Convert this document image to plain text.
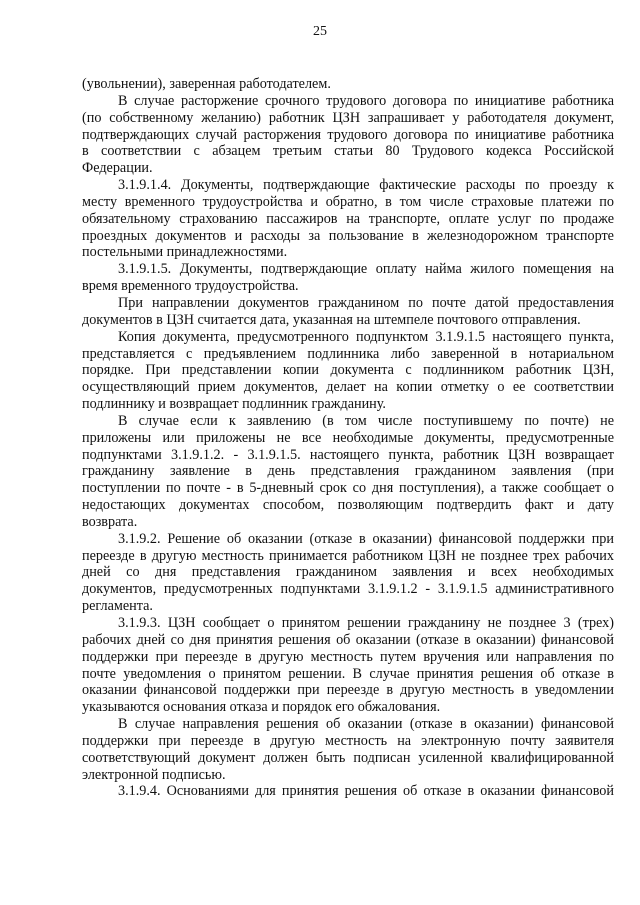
25
(увольнении), заверенная работодателем.
В случае расторжение срочного трудового договора по инициативе работника
(по собственному желанию) работник ЦЗН запрашивает у работодателя документ,
подтверждающих случай расторжения трудового договора по инициативе работника
в соответствии с абзацем третьим статьи 80 Трудового кодекса Российской
Федерации.
3.1.9.1.4. Документы, подтверждающие фактические расходы по проезду к
месту временного трудоустройства и обратно, в том числе страховые платежи по
обязательному страхованию пассажиров на транспорте, оплате услуг по продаже
проездных документов и расходы за пользование в железнодорожном транспорте
постельными принадлежностями.
3.1.9.1.5. Документы, подтверждающие оплату найма жилого помещения на
время временного трудоустройства.
При направлении документов гражданином по почте датой предоставления
документов в ЦЗН считается дата, указанная на штемпеле почтового отправления.
Копия документа, предусмотренного подпунктом 3.1.9.1.5 настоящего пункта,
представляется с предъявлением подлинника либо заверенной в нотариальном
порядке. При представлении копии документа с подлинником работник ЦЗН,
осуществляющий прием документов, делает на копии отметку о ее соответствии
подлиннику и возвращает подлинник гражданину.
В случае если к заявлению (в том числе поступившему по почте) не
приложены или приложены не все необходимые документы, предусмотренные
подпунктами 3.1.9.1.2. - 3.1.9.1.5. настоящего пункта, работник ЦЗН возвращает
гражданину заявление в день представления гражданином заявления (при
поступлении по почте - в 5-дневный срок со дня поступления), а также сообщает о
недостающих документах способом, позволяющим подтвердить факт и дату
возврата.
3.1.9.2. Решение об оказании (отказе в оказании) финансовой поддержки при
переезде в другую местность принимается работником ЦЗН не позднее трех рабочих
дней со дня представления гражданином заявления и всех необходимых
документов, предусмотренных подпунктами 3.1.9.1.2 - 3.1.9.1.5 административного
регламента.
3.1.9.3. ЦЗН сообщает о принятом решении гражданину не позднее 3 (трех)
рабочих дней со дня принятия решения об оказании (отказе в оказании) финансовой
поддержки при переезде в другую местность путем вручения или направления по
почте уведомления о принятом решении. В случае принятия решения об отказе в
оказании финансовой поддержки при переезде в другую местность в уведомлении
указываются основания отказа и порядок его обжалования.
В случае направления решения об оказании (отказе в оказании) финансовой
поддержки при переезде в другую местность на электронную почту заявителя
соответствующий документ должен быть подписан усиленной квалифицированной
электронной подписью.
3.1.9.4. Основаниями для принятия решения об отказе в оказании финансовой
